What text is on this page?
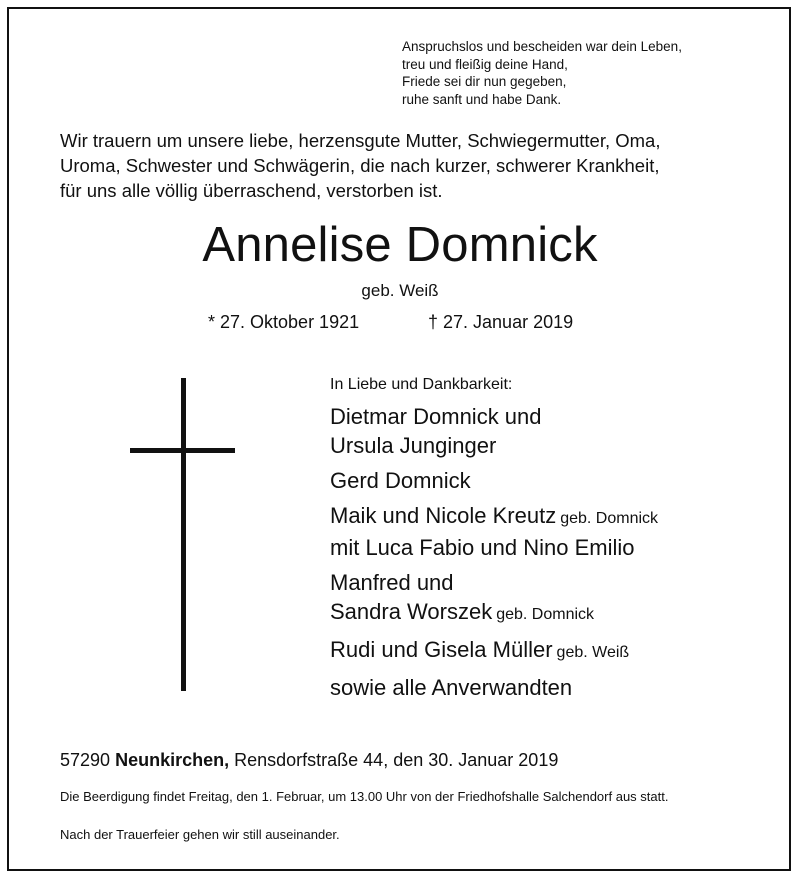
Anspruchslos und bescheiden war dein Leben,
treu und fleißig deine Hand,
Friede sei dir nun gegeben,
ruhe sanft und habe Dank.
Wir trauern um unsere liebe, herzensgute Mutter, Schwiegermutter, Oma,
Uroma, Schwester und Schwägerin, die nach kurzer, schwerer Krankheit,
für uns alle völlig überraschend, verstorben ist.
Annelise Domnick
geb. Weiß
* 27. Oktober 1921	† 27. Januar 2019
In Liebe und Dankbarkeit:
Dietmar Domnick und
Ursula Junginger
Gerd Domnick
Maik und Nicole Kreutz geb. Domnick
mit Luca Fabio und Nino Emilio
Manfred und
Sandra Worszek geb. Domnick
Rudi und Gisela Müller geb. Weiß
sowie alle Anverwandten
57290 Neunkirchen, Rensdorfstraße 44, den 30. Januar 2019
Die Beerdigung findet Freitag, den 1. Februar, um 13.00 Uhr von der Friedhofshalle Salchendorf aus statt.
Nach der Trauerfeier gehen wir still auseinander.
